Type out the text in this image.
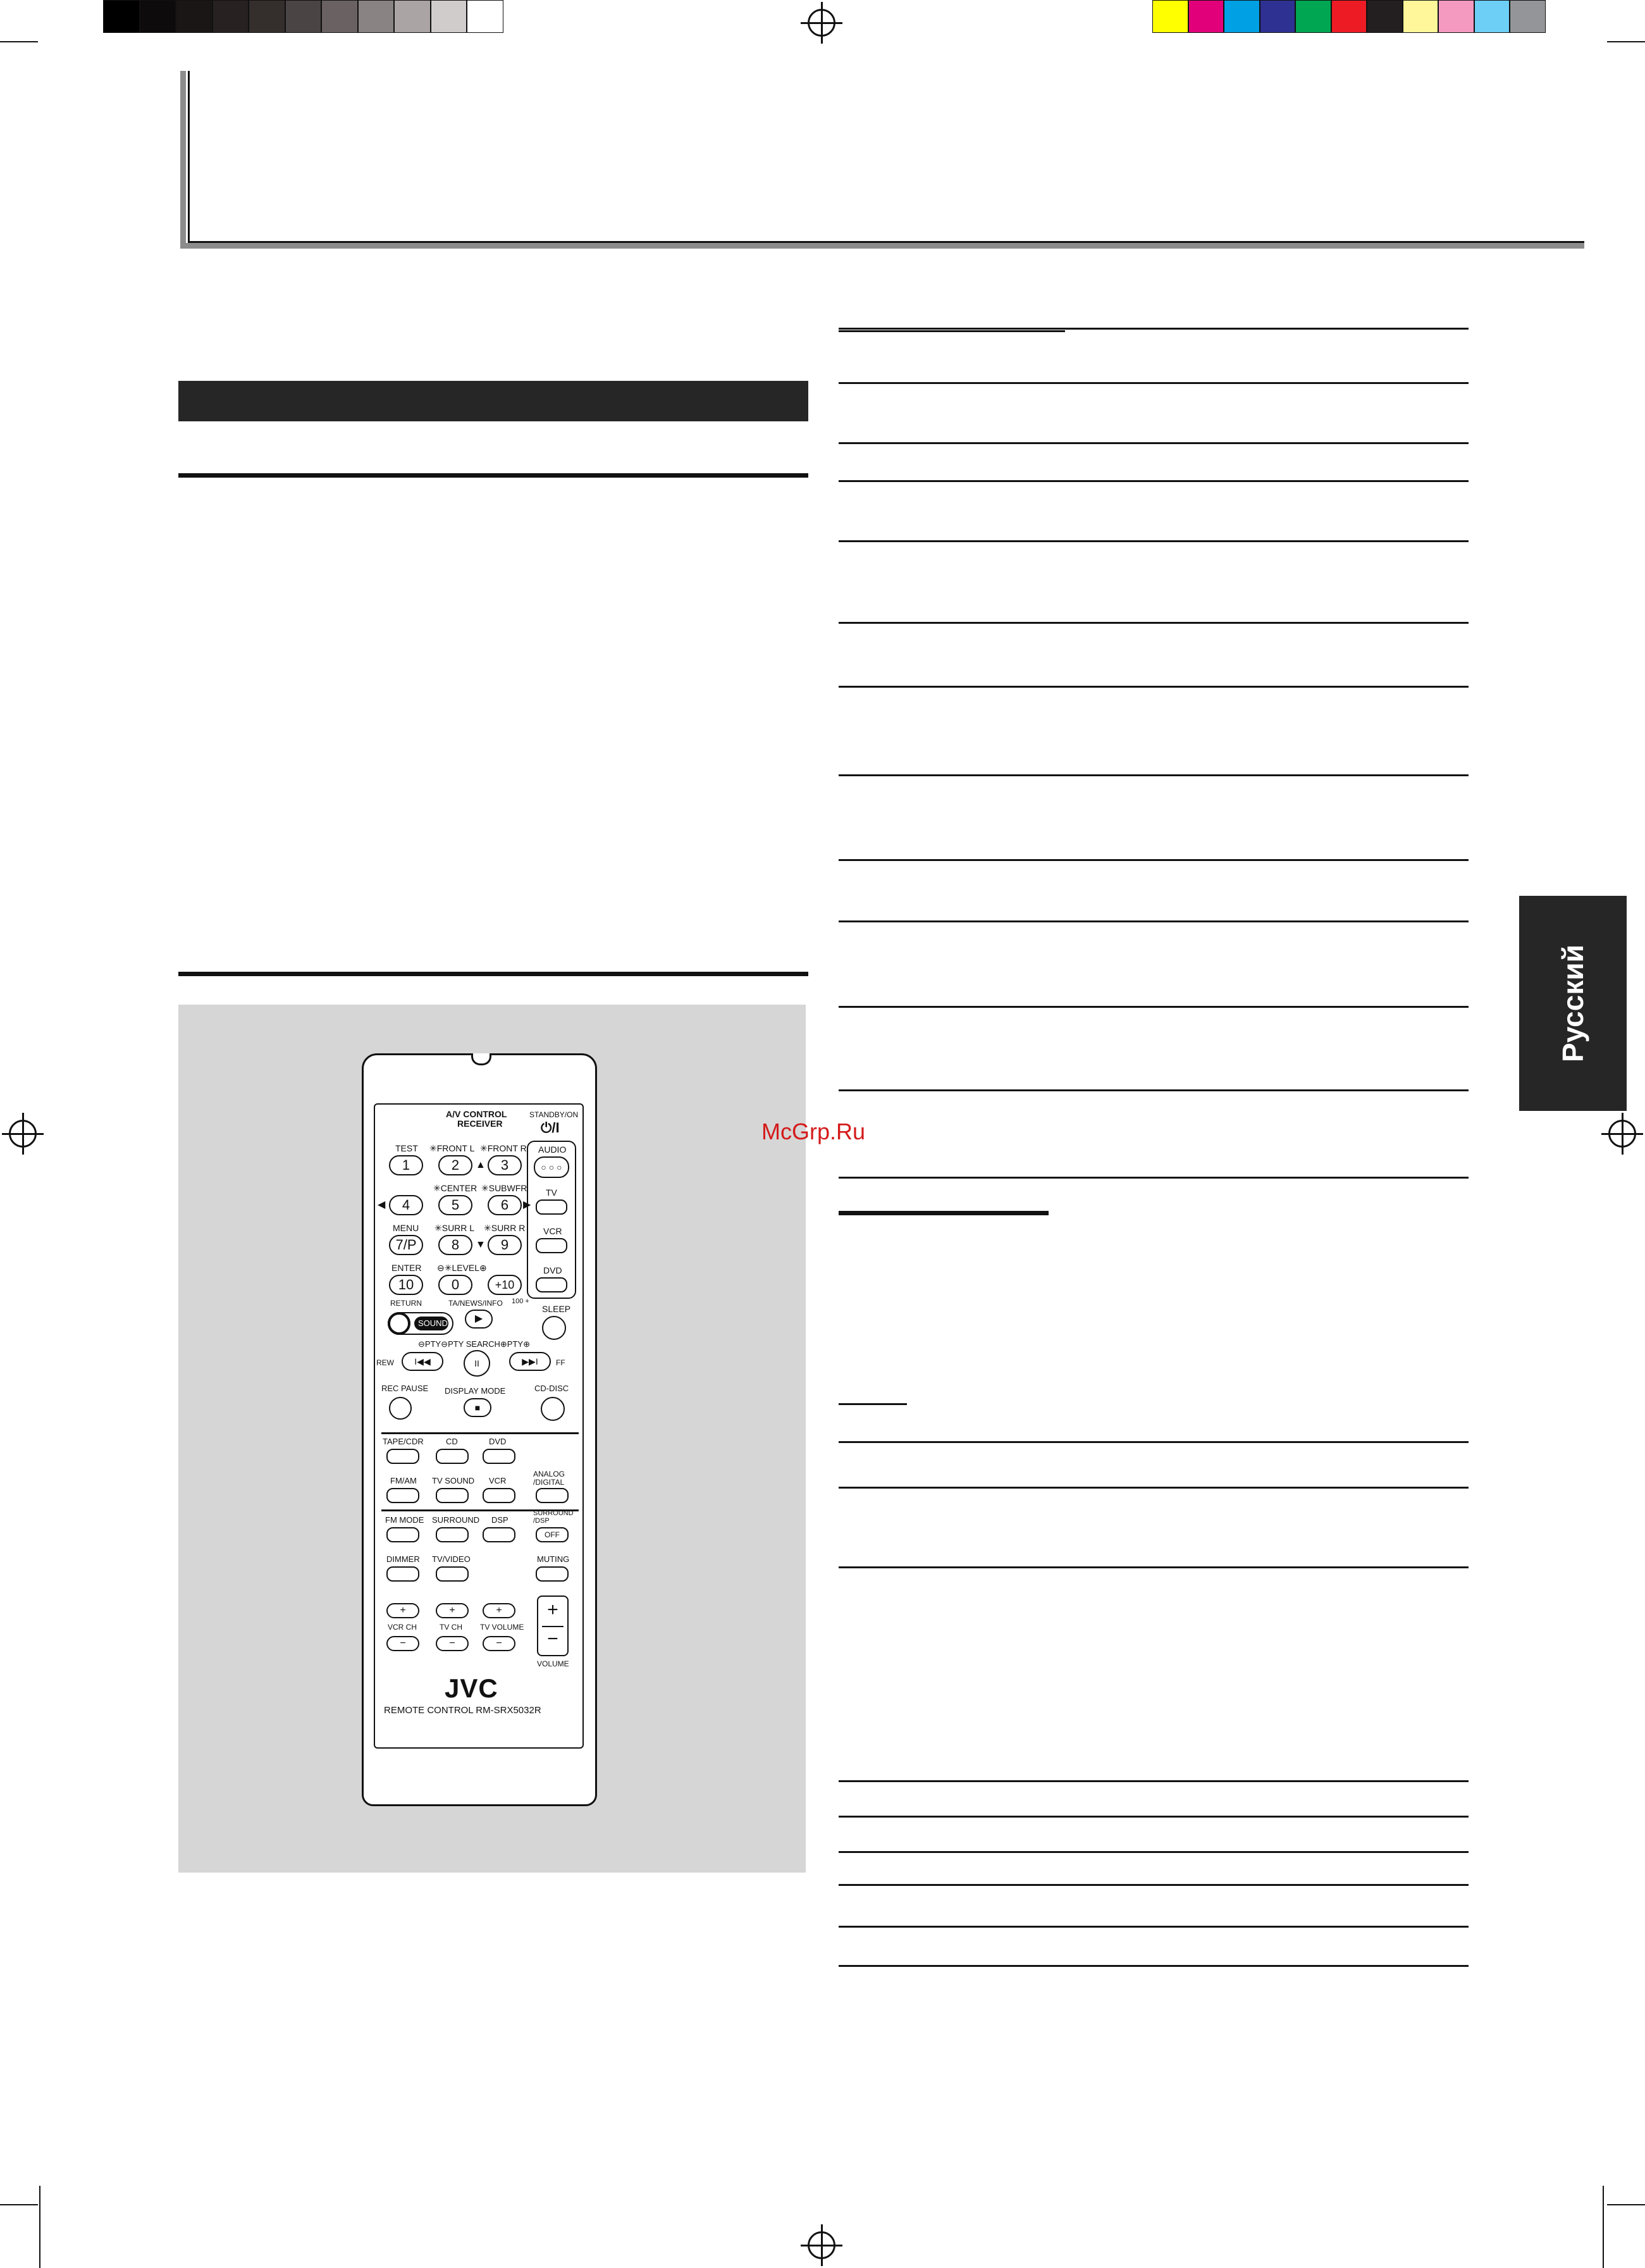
A/V CONTROL
RECEIVER
STANDBY/ON
⏻/I
AUDIO
○ ○ ○
TV
VCR
DVD
TEST ✳FRONT L ✳FRONT R
1	2	▲	3
✳CENTER ✳SUBWFR
◀	4	5	6	▶
MENU ✳SURR L ✳SURR R
7/P	8	▼	9
ENTER ⊖✳LEVEL⊕
10	0	+10
RETURN	TA/NEWS/INFO 100 +
SLEEP
SOUND	▶
⊖PTY⊖PTY SEARCH⊕PTY⊕
REW	I◀◀	II	▶▶I	FF
REC PAUSE DISPLAY MODE
■
CD-DISC
TAPE/CDR	CD	DVD
FM/AM TV SOUND VCR
ANALOG
/DIGITAL
FM MODE SURROUND DSP
SURROUND
/DSP
OFF
DIMMER TV/VIDEO	MUTING
+	+	+
VCR CH	TV CH TV VOLUME
−	−	−
+
−
VOLUME
JVC
REMOTE CONTROL RM-SRX5032R
Русский
McGrp.Ru
